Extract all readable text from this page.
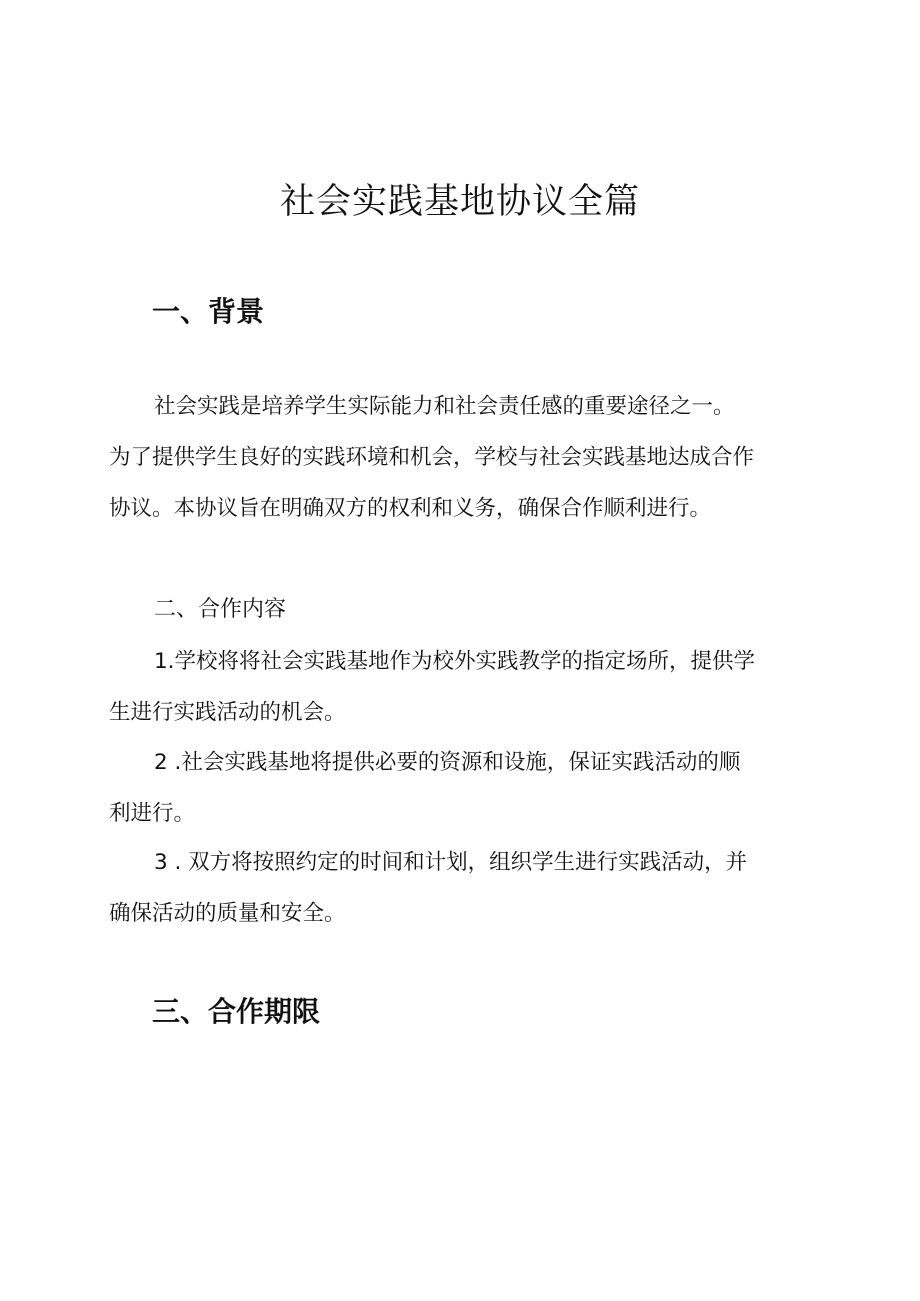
社会实践基地协议全篇
一、背景

社会实践是培养学生实际能力和社会责任感的重要途径之一。

为了提供学生良好的实践环境和机会，学校与社会实践基地达成合作

协议。本协议旨在明确双方的权利和义务，确保合作顺利进行。

二、合作内容

1.学校将将社会实践基地作为校外实践教学的指定场所，提供学

生进行实践活动的机会。

2 .社会实践基地将提供必要的资源和设施，保证实践活动的顺

利进行。

3 . 双方将按照约定的时间和计划，组织学生进行实践活动，并

确保活动的质量和安全。

三、合作期限
